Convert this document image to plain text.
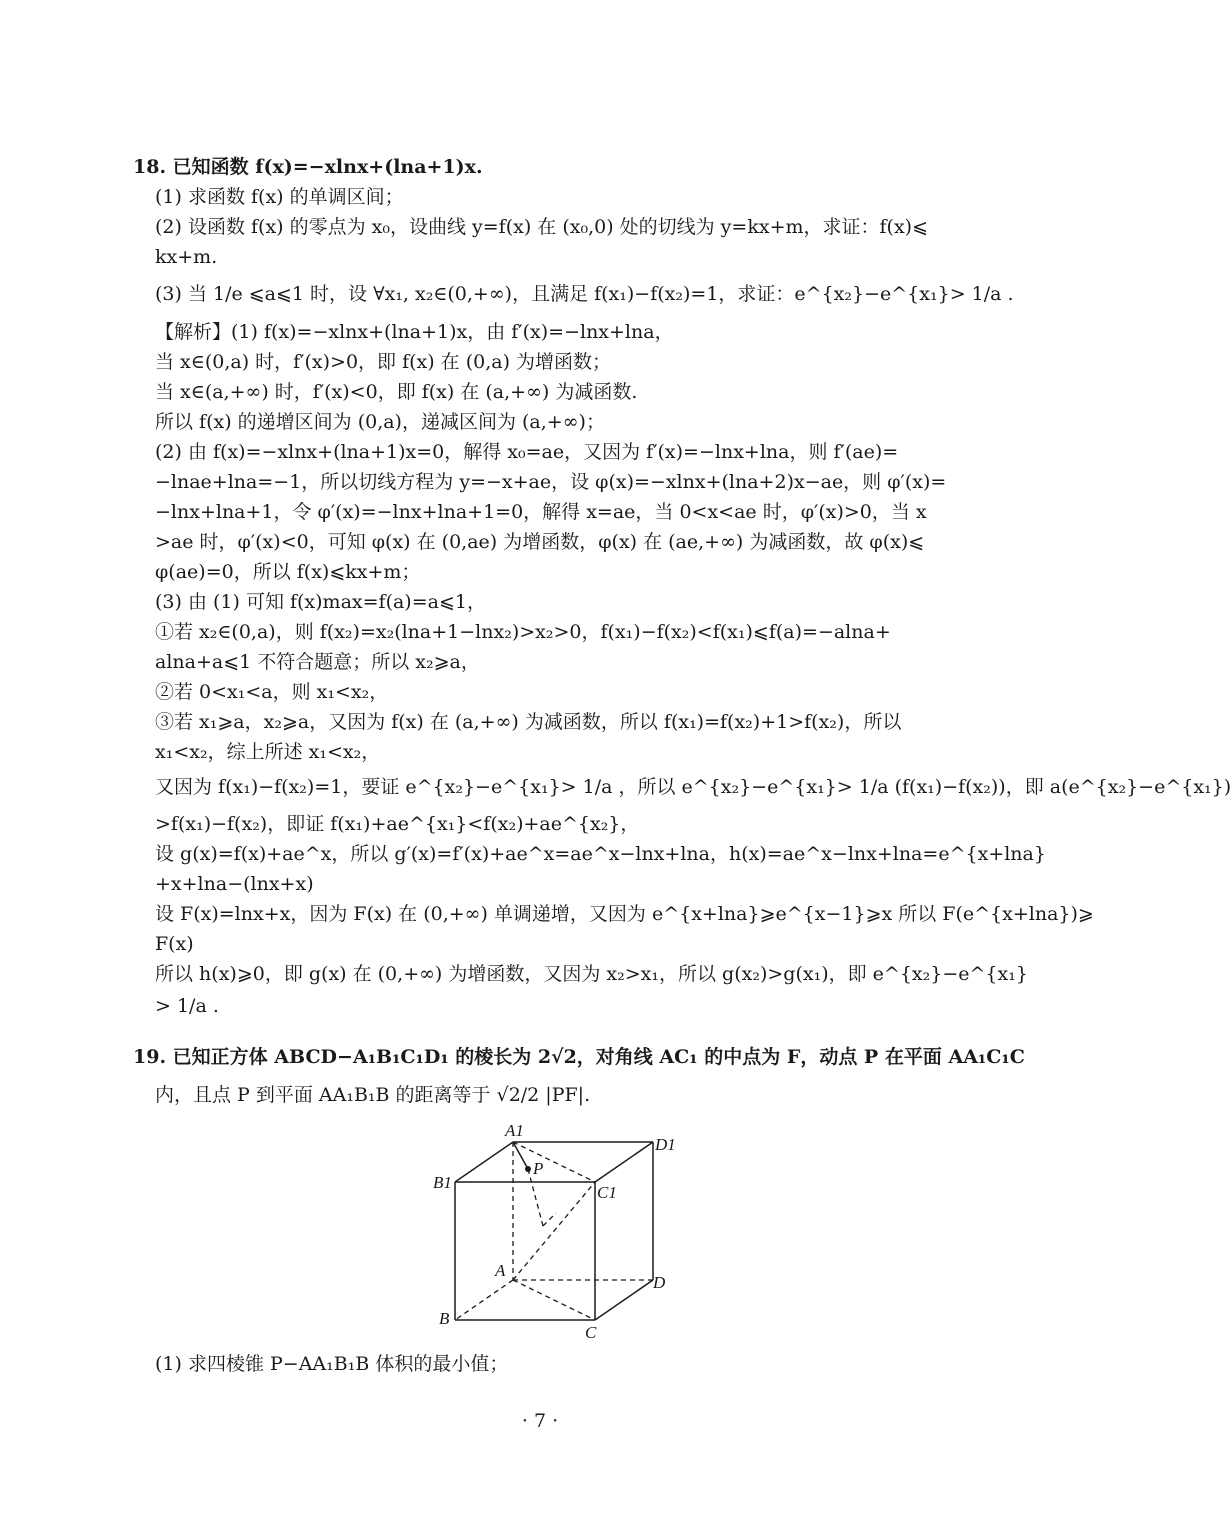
18. 已知函数 f(x)=−xlnx+(lna+1)x.
(1) 求函数 f(x) 的单调区间；
(2) 设函数 f(x) 的零点为 x₀，设曲线 y=f(x) 在 (x₀,0) 处的切线为 y=kx+m，求证：f(x)⩽
kx+m.
(3) 当 1/e ⩽a⩽1 时，设 ∀x₁, x₂∈(0,+∞)，且满足 f(x₁)−f(x₂)=1，求证：e^{x₂}−e^{x₁}> 1/a .
【解析】(1) f(x)=−xlnx+(lna+1)x，由 f′(x)=−lnx+lna，
当 x∈(0,a) 时，f′(x)>0，即 f(x) 在 (0,a) 为增函数；
当 x∈(a,+∞) 时，f′(x)<0，即 f(x) 在 (a,+∞) 为减函数.
所以 f(x) 的递增区间为 (0,a)，递减区间为 (a,+∞)；
(2) 由 f(x)=−xlnx+(lna+1)x=0，解得 x₀=ae，又因为 f′(x)=−lnx+lna，则 f′(ae)=
−lnae+lna=−1，所以切线方程为 y=−x+ae，设 φ(x)=−xlnx+(lna+2)x−ae，则 φ′(x)=
−lnx+lna+1，令 φ′(x)=−lnx+lna+1=0，解得 x=ae，当 0<x<ae 时，φ′(x)>0，当 x
>ae 时，φ′(x)<0，可知 φ(x) 在 (0,ae) 为增函数，φ(x) 在 (ae,+∞) 为减函数，故 φ(x)⩽
φ(ae)=0，所以 f(x)⩽kx+m；
(3) 由 (1) 可知 f(x)max=f(a)=a⩽1，
①若 x₂∈(0,a)，则 f(x₂)=x₂(lna+1−lnx₂)>x₂>0，f(x₁)−f(x₂)<f(x₁)⩽f(a)=−alna+
alna+a⩽1 不符合题意；所以 x₂⩾a，
②若 0<x₁<a，则 x₁<x₂，
③若 x₁⩾a，x₂⩾a，又因为 f(x) 在 (a,+∞) 为减函数，所以 f(x₁)=f(x₂)+1>f(x₂)，所以
x₁<x₂，综上所述 x₁<x₂，
又因为 f(x₁)−f(x₂)=1，要证 e^{x₂}−e^{x₁}> 1/a ，所以 e^{x₂}−e^{x₁}> 1/a (f(x₁)−f(x₂))，即 a(e^{x₂}−e^{x₁})
>f(x₁)−f(x₂)，即证 f(x₁)+ae^{x₁}<f(x₂)+ae^{x₂}，
设 g(x)=f(x)+ae^x，所以 g′(x)=f′(x)+ae^x=ae^x−lnx+lna，h(x)=ae^x−lnx+lna=e^{x+lna}
+x+lna−(lnx+x)
设 F(x)=lnx+x，因为 F(x) 在 (0,+∞) 单调递增，又因为 e^{x+lna}⩾e^{x−1}⩾x 所以 F(e^{x+lna})⩾
F(x)
所以 h(x)⩾0，即 g(x) 在 (0,+∞) 为增函数，又因为 x₂>x₁，所以 g(x₂)>g(x₁)，即 e^{x₂}−e^{x₁}
> 1/a .
19. 已知正方体 ABCD−A₁B₁C₁D₁ 的棱长为 2√2，对角线 AC₁ 的中点为 F，动点 P 在平面 AA₁C₁C
内，且点 P 到平面 AA₁B₁B 的距离等于 √2/2 |PF|.
A1
B1
C1
D1
P
A
B
C
D
(1) 求四棱锥 P−AA₁B₁B 体积的最小值；
· 7 ·
